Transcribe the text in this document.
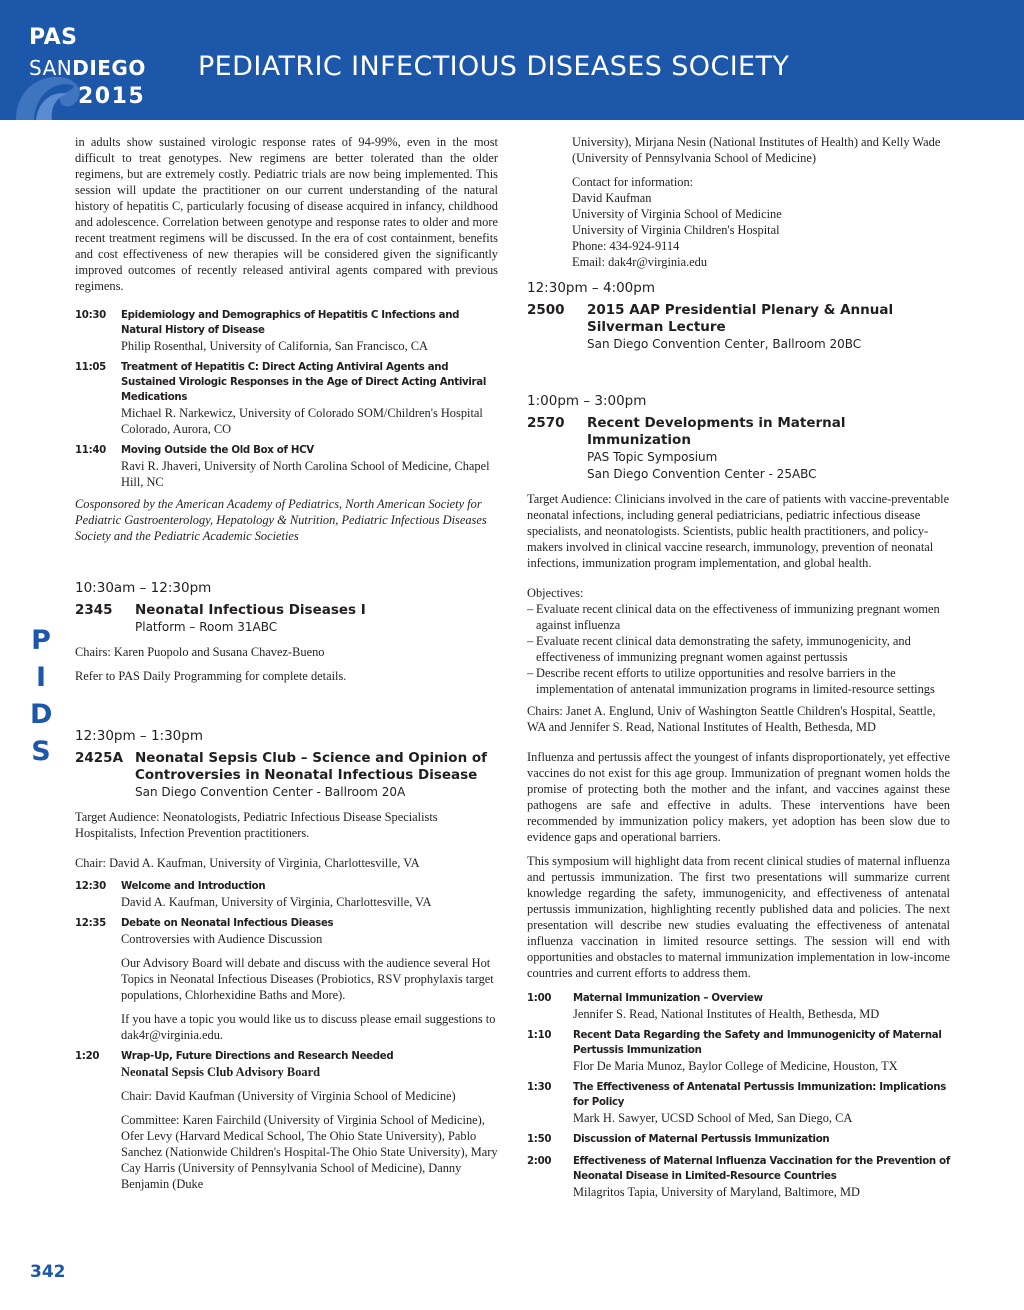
PAS
SANDIEGO
2015
PEDIATRIC INFECTIOUS DISEASES SOCIETY
P
I
D
S
342
in adults show sustained virologic response rates of 94-99%, even in the most difficult to treat genotypes. New regimens are better tolerated than the older regimens, but are extremely costly. Pediatric trials are now being implemented. This session will update the practitioner on our current understanding of the natural history of hepatitis C, particularly focusing of disease acquired in infancy, childhood and adolescence. Correlation between genotype and response rates to older and more recent treatment regimens will be discussed. In the era of cost containment, benefits and cost effectiveness of new therapies will be considered given the significantly improved outcomes of recently released antiviral agents compared with previous regimens.
10:30	Epidemiology and Demographics of Hepatitis C Infections and Natural History of Disease
Philip Rosenthal, University of California, San Francisco, CA
11:05	Treatment of Hepatitis C: Direct Acting Antiviral Agents and Sustained Virologic Responses in the Age of Direct Acting Antiviral Medications
Michael R. Narkewicz, University of Colorado SOM/Children's Hospital Colorado, Aurora, CO
11:40	Moving Outside the Old Box of HCV
Ravi R. Jhaveri, University of North Carolina School of Medicine, Chapel Hill, NC
Cosponsored by the American Academy of Pediatrics, North American Society for Pediatric Gastroenterology, Hepatology & Nutrition, Pediatric Infectious Diseases Society and the Pediatric Academic Societies
10:30am – 12:30pm
2345	Neonatal Infectious Diseases I
Platform – Room 31ABC
Chairs: Karen Puopolo and Susana Chavez-Bueno
Refer to PAS Daily Programming for complete details.
12:30pm – 1:30pm
2425A Neonatal Sepsis Club – Science and Opinion of Controversies in Neonatal Infectious Disease
San Diego Convention Center - Ballroom 20A
Target Audience: Neonatologists, Pediatric Infectious Disease Specialists Hospitalists, Infection Prevention practitioners.
Chair: David A. Kaufman, University of Virginia, Charlottesville, VA
12:30	Welcome and Introduction
David A. Kaufman, University of Virginia, Charlottesville, VA
12:35	Debate on Neonatal Infectious Dieases
Controversies with Audience Discussion
Our Advisory Board will debate and discuss with the audience several Hot Topics in Neonatal Infectious Diseases (Probiotics, RSV prophylaxis target populations, Chlorhexidine Baths and More).
If you have a topic you would like us to discuss please email suggestions to dak4r@virginia.edu.
1:20	Wrap-Up, Future Directions and Research Needed
Neonatal Sepsis Club Advisory Board
Chair: David Kaufman (University of Virginia School of Medicine)
Committee: Karen Fairchild (University of Virginia School of Medicine), Ofer Levy (Harvard Medical School, The Ohio State University), Pablo Sanchez (Nationwide Children's Hospital-The Ohio State University), Mary Cay Harris (University of Pennsylvania School of Medicine), Danny Benjamin (Duke
University), Mirjana Nesin (National Institutes of Health) and Kelly Wade (University of Pennsylvania School of Medicine)
Contact for information:
David Kaufman
University of Virginia School of Medicine
University of Virginia Children's Hospital
Phone: 434-924-9114
Email: dak4r@virginia.edu
12:30pm – 4:00pm
2500	2015 AAP Presidential Plenary & Annual Silverman Lecture
San Diego Convention Center, Ballroom 20BC
1:00pm – 3:00pm
2570	Recent Developments in Maternal Immunization
PAS Topic Symposium
San Diego Convention Center - 25ABC
Target Audience: Clinicians involved in the care of patients with vaccine-preventable neonatal infections, including general pediatricians, pediatric infectious disease specialists, and neonatologists. Scientists, public health practitioners, and policy-makers involved in clinical vaccine research, immunology, prevention of neonatal infections, immunization program implementation, and global health.
Objectives:
– Evaluate recent clinical data on the effectiveness of immunizing pregnant women against influenza
– Evaluate recent clinical data demonstrating the safety, immunogenicity, and effectiveness of immunizing pregnant women against pertussis
– Describe recent efforts to utilize opportunities and resolve barriers in the implementation of antenatal immunization programs in limited-resource settings
Chairs: Janet A. Englund, Univ of Washington Seattle Children's Hospital, Seattle, WA and Jennifer S. Read, National Institutes of Health, Bethesda, MD
Influenza and pertussis affect the youngest of infants disproportionately, yet effective vaccines do not exist for this age group. Immunization of pregnant women holds the promise of protecting both the mother and the infant, and vaccines against these pathogens are safe and effective in adults. These interventions have been recommended by immunization policy makers, yet adoption has been slow due to evidence gaps and operational barriers.
This symposium will highlight data from recent clinical studies of maternal influenza and pertussis immunization. The first two presentations will summarize current knowledge regarding the safety, immunogenicity, and effectiveness of antenatal pertussis immunization, highlighting recently published data and policies. The next presentation will describe new studies evaluating the effectiveness of antenatal influenza vaccination in limited resource settings. The session will end with opportunities and obstacles to maternal immunization implementation in low-income countries and current efforts to address them.
1:00	Maternal Immunization – Overview
Jennifer S. Read, National Institutes of Health, Bethesda, MD
1:10	Recent Data Regarding the Safety and Immunogenicity of Maternal Pertussis Immunization
Flor De Maria Munoz, Baylor College of Medicine, Houston, TX
1:30	The Effectiveness of Antenatal Pertussis Immunization: Implications for Policy
Mark H. Sawyer, UCSD School of Med, San Diego, CA
1:50	Discussion of Maternal Pertussis Immunization
2:00	Effectiveness of Maternal Influenza Vaccination for the Prevention of Neonatal Disease in Limited-Resource Countries
Milagritos Tapia, University of Maryland, Baltimore, MD
